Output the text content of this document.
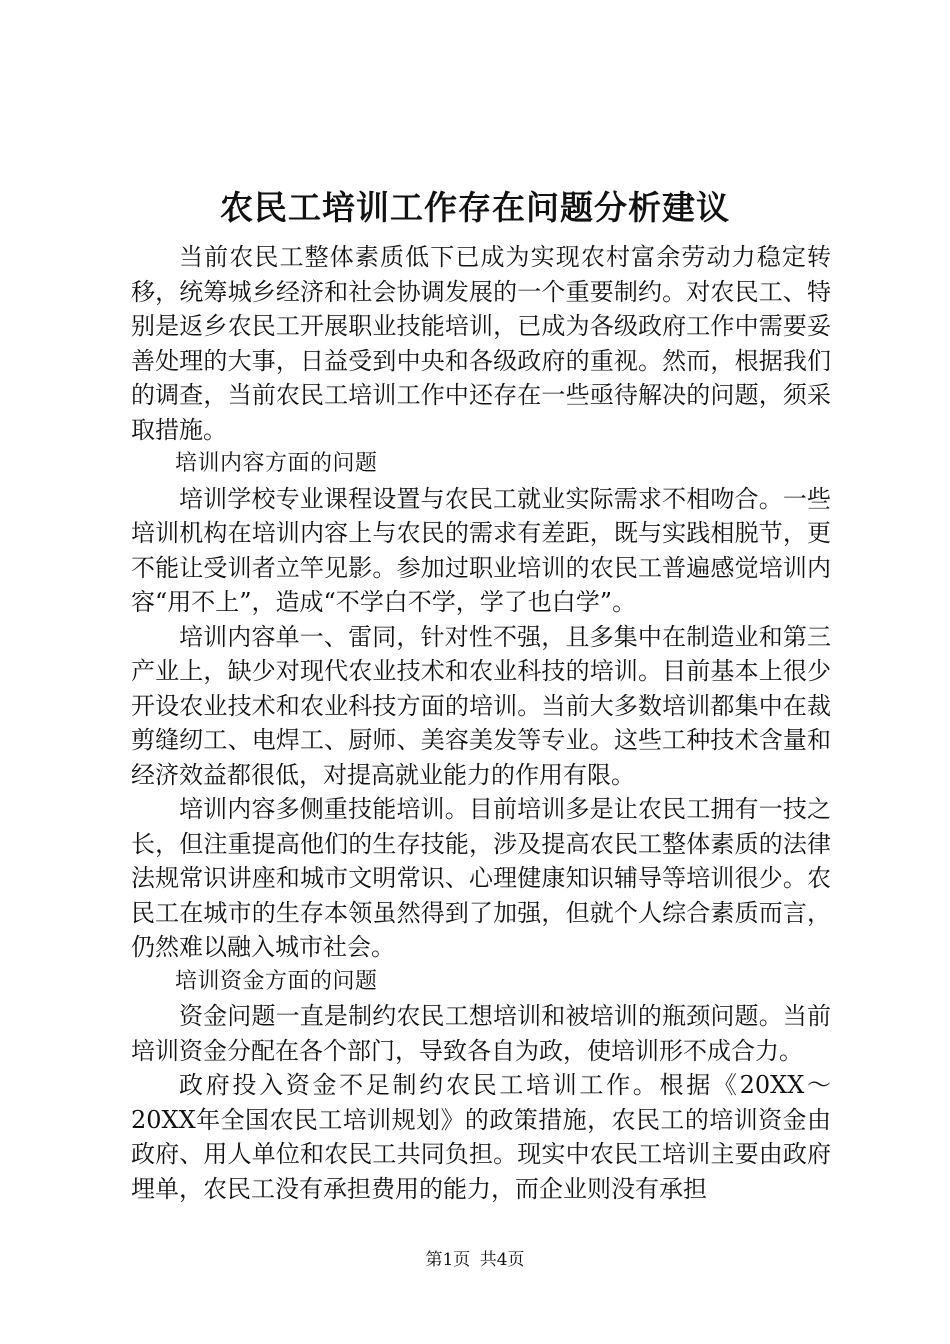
农民工培训工作存在问题分析建议

当前农民工整体素质低下已成为实现农村富余劳动力稳定转移，统筹城乡经济和社会协调发展的一个重要制约。对农民工、特别是返乡农民工开展职业技能培训，已成为各级政府工作中需要妥善处理的大事，日益受到中央和各级政府的重视。然而，根据我们的调查，当前农民工培训工作中还存在一些亟待解决的问题，须采取措施。

培训内容方面的问题

培训学校专业课程设置与农民工就业实际需求不相吻合。一些培训机构在培训内容上与农民的需求有差距，既与实践相脱节，更不能让受训者立竿见影。参加过职业培训的农民工普遍感觉培训内容“用不上”，造成“不学白不学，学了也白学”。

培训内容单一、雷同，针对性不强，且多集中在制造业和第三产业上，缺少对现代农业技术和农业科技的培训。目前基本上很少开设农业技术和农业科技方面的培训。当前大多数培训都集中在裁剪缝纫工、电焊工、厨师、美容美发等专业。这些工种技术含量和经济效益都很低，对提高就业能力的作用有限。

培训内容多侧重技能培训。目前培训多是让农民工拥有一技之长，但注重提高他们的生存技能，涉及提高农民工整体素质的法律法规常识讲座和城市文明常识、心理健康知识辅导等培训很少。农民工在城市的生存本领虽然得到了加强，但就个人综合素质而言，仍然难以融入城市社会。

培训资金方面的问题

资金问题一直是制约农民工想培训和被培训的瓶颈问题。当前培训资金分配在各个部门，导致各自为政，使培训形不成合力。

政府投入资金不足制约农民工培训工作。根据《20XX～20XX年全国农民工培训规划》的政策措施，农民工的培训资金由政府、用人单位和农民工共同负担。现实中农民工培训主要由政府埋单，农民工没有承担费用的能力，而企业则没有承担

第1页 共4页
